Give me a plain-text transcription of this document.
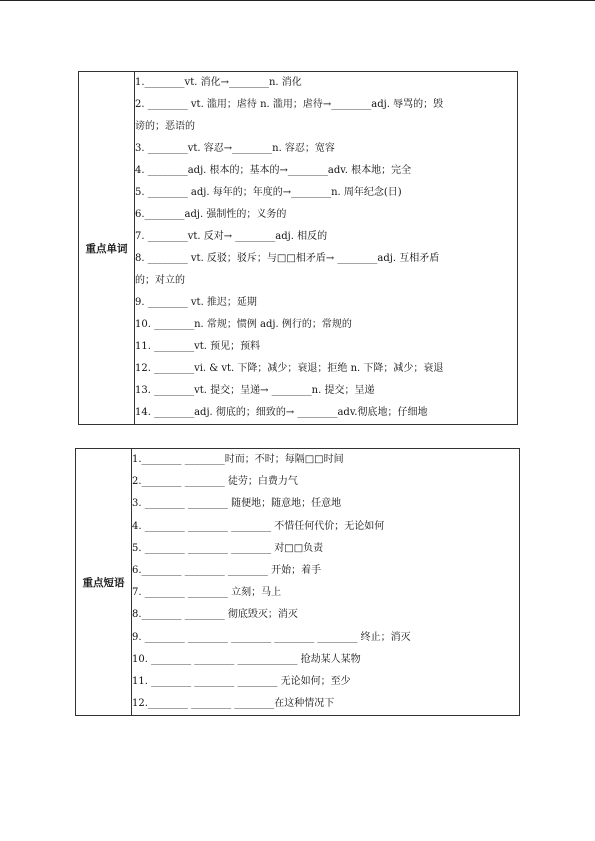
重点单词	
1.________vt. 消化→________n. 消化
2. ________ vt. 滥用；虐待 n. 滥用；虐待→________adj. 辱骂的；毁
谤的；恶语的
3. ________vt. 容忍→________n. 容忍；宽容
4. ________adj. 根本的；基本的→________adv. 根本地；完全
5. ________ adj. 每年的；年度的→________n. 周年纪念(日)
6.________adj. 强制性的；义务的
7. ________vt. 反对→ ________adj. 相反的
8. ________ vt. 反驳；驳斥；与□□相矛盾→ ________adj. 互相矛盾
的；对立的
9. ________ vt. 推迟；延期
10. ________n. 常规；惯例 adj. 例行的；常规的
11. ________vt. 预见；预料
12. ________vi. & vt. 下降；减少；衰退；拒绝 n. 下降；减少；衰退
13. ________vt. 提交；呈递→ ________n. 提交；呈递
14. ________adj. 彻底的；细致的→ ________adv.彻底地；仔细地
重点短语	
1.________ ________时而；不时；每隔□□时间
2.________ ________ 徒劳；白费力气
3. ________ ________ 随便地；随意地；任意地
4. ________ ________ ________ 不惜任何代价；无论如何
5. ________ ________ ________ 对□□负责
6.________ ________ ________ 开始；着手
7. ________ ________ 立刻；马上
8.________ ________ 彻底毁灭；消灭
9. ________ ________ ________ ________ ________ 终止；消灭
10. ________ ________ ____________ 抢劫某人某物
11. ________ ________ ________ 无论如何；至少
12.________ ________ ________在这种情况下
